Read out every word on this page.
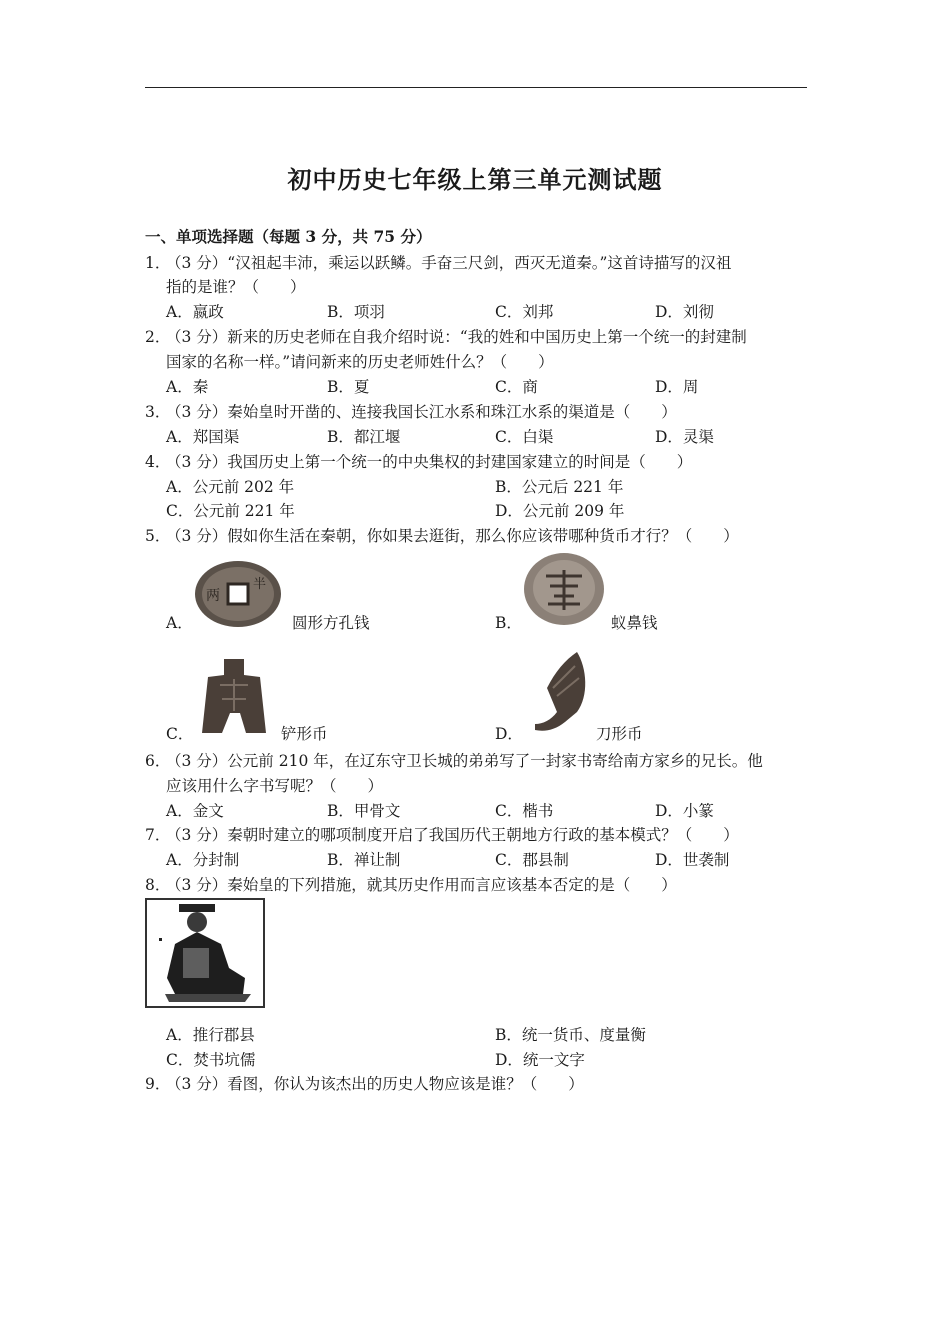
初中历史七年级上第三单元测试题
一、单项选择题（每题 3 分，共 75 分）
1．
（3 分）“汉祖起丰沛，乘运以跃鳞。手奋三尺剑，西灭无道秦。”这首诗描写的汉祖
指的是谁？（　　）
A．嬴政	B．项羽	C．刘邦	D．刘彻
2．
（3 分）新来的历史老师在自我介绍时说：“我的姓和中国历史上第一个统一的封建制
国家的名称一样。”请问新来的历史老师姓什么？（　　）
A．秦	B．夏	C．商	D．周
3．
（3 分）秦始皇时开凿的、连接我国长江水系和珠江水系的渠道是（　　）
A．郑国渠	B．都江堰	C．白渠	D．灵渠
4．
（3 分）我国历史上第一个统一的中央集权的封建国家建立的时间是（　　）
A．公元前 202 年	B．公元后 221 年
C．公元前 221 年	D．公元前 209 年
5．
（3 分）假如你生活在秦朝，你如果去逛街，那么你应该带哪种货币才行？（　　）
两
半
A．	圆形方孔钱	B．	蚁鼻钱
C．	铲形币	D．	刀形币
6．
（3 分）公元前 210 年，在辽东守卫长城的弟弟写了一封家书寄给南方家乡的兄长。他
应该用什么字书写呢？（　　）
A．金文	B．甲骨文	C．楷书	D．小篆
7．
（3 分）秦朝时建立的哪项制度开启了我国历代王朝地方行政的基本模式？（　　）
A．分封制	B．禅让制	C．郡县制	D．世袭制
8．
（3 分）秦始皇的下列措施，就其历史作用而言应该基本否定的是（　　）
A．推行郡县	B．统一货币、度量衡
C．焚书坑儒	D．统一文字
9．
（3 分）看图，你认为该杰出的历史人物应该是谁？（　　）
